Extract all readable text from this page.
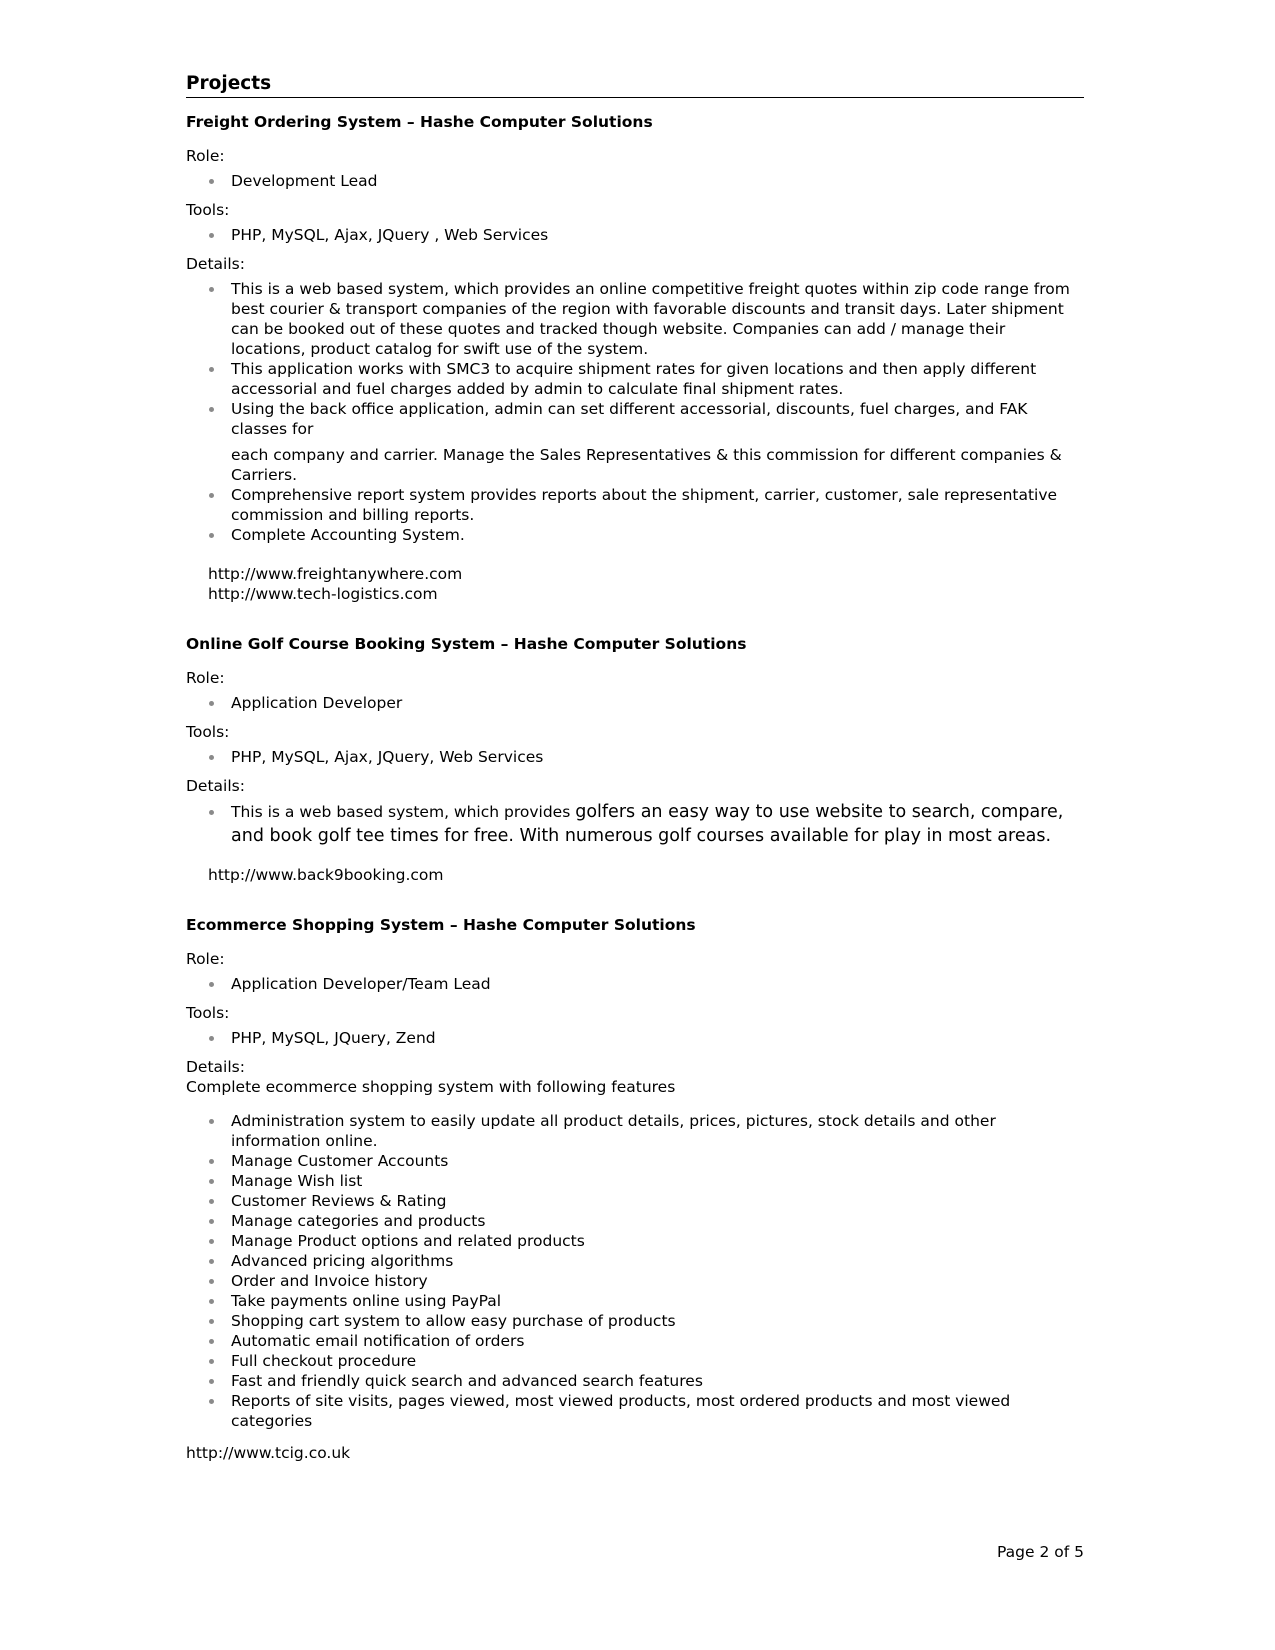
Projects

Freight Ordering System – Hashe Computer Solutions

Role:

Development Lead

Tools:

PHP, MySQL, Ajax, JQuery , Web Services

Details:

This is a web based system, which provides an online competitive freight quotes within zip code range from best courier & transport companies of the region with favorable discounts and transit days. Later shipment can be booked out of these quotes and tracked though website. Companies can add / manage their locations, product catalog for swift use of the system.
This application works with SMC3 to acquire shipment rates for given locations and then apply different accessorial and fuel charges added by admin to calculate final shipment rates.
Using the back office application, admin can set different accessorial, discounts, fuel charges, and FAK classes for
each company and carrier. Manage the Sales Representatives & this commission for different companies & Carriers.
Comprehensive report system provides reports about the shipment, carrier, customer, sale representative commission and billing reports.
Complete Accounting System.

http://www.freightanywhere.com

http://www.tech-logistics.com

Online Golf Course Booking System – Hashe Computer Solutions

Role:

Application Developer

Tools:

PHP, MySQL, Ajax, JQuery, Web Services

Details:

This is a web based system, which provides golfers an easy way to use website to search, compare, and book golf tee times for free. With numerous golf courses available for play in most areas.

http://www.back9booking.com

Ecommerce Shopping System – Hashe Computer Solutions

Role:

Application Developer/Team Lead

Tools:

PHP, MySQL, JQuery, Zend

Details:

Complete ecommerce shopping system with following features

Administration system to easily update all product details, prices, pictures, stock details and other information online.
Manage Customer Accounts
Manage Wish list
Customer Reviews & Rating
Manage categories and products
Manage Product options and related products
Advanced pricing algorithms
Order and Invoice history
Take payments online using PayPal
Shopping cart system to allow easy purchase of products
Automatic email notification of orders
Full checkout procedure
Fast and friendly quick search and advanced search features
Reports of site visits, pages viewed, most viewed products, most ordered products and most viewed categories

http://www.tcig.co.uk

Page 2 of 5
